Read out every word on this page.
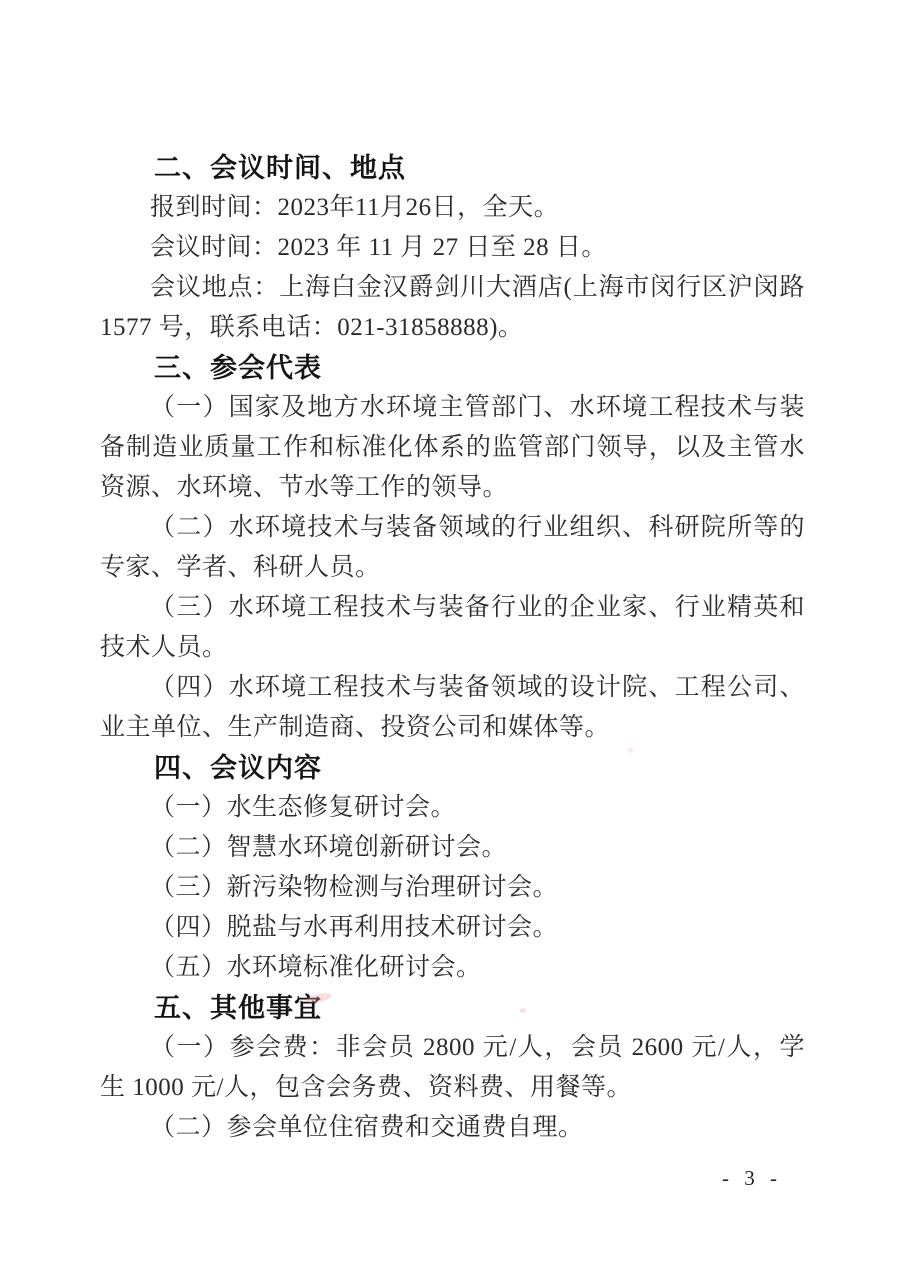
二、会议时间、地点

报到时间：2023年11月26日，全天。

会议时间：2023 年 11 月 27 日至 28 日。

会议地点：上海白金汉爵剑川大酒店(上海市闵行区沪闵路 1577 号，联系电话：021-31858888)。

三、参会代表

（一）国家及地方水环境主管部门、水环境工程技术与装备制造业质量工作和标准化体系的监管部门领导，以及主管水资源、水环境、节水等工作的领导。

（二）水环境技术与装备领域的行业组织、科研院所等的专家、学者、科研人员。

（三）水环境工程技术与装备行业的企业家、行业精英和技术人员。

（四）水环境工程技术与装备领域的设计院、工程公司、业主单位、生产制造商、投资公司和媒体等。

四、会议内容

（一）水生态修复研讨会。

（二）智慧水环境创新研讨会。

（三）新污染物检测与治理研讨会。

（四）脱盐与水再利用技术研讨会。

（五）水环境标准化研讨会。

五、其他事宜

（一）参会费：非会员 2800 元/人，会员 2600 元/人，学生 1000 元/人，包含会务费、资料费、用餐等。

（二）参会单位住宿费和交通费自理。

- 3 -
